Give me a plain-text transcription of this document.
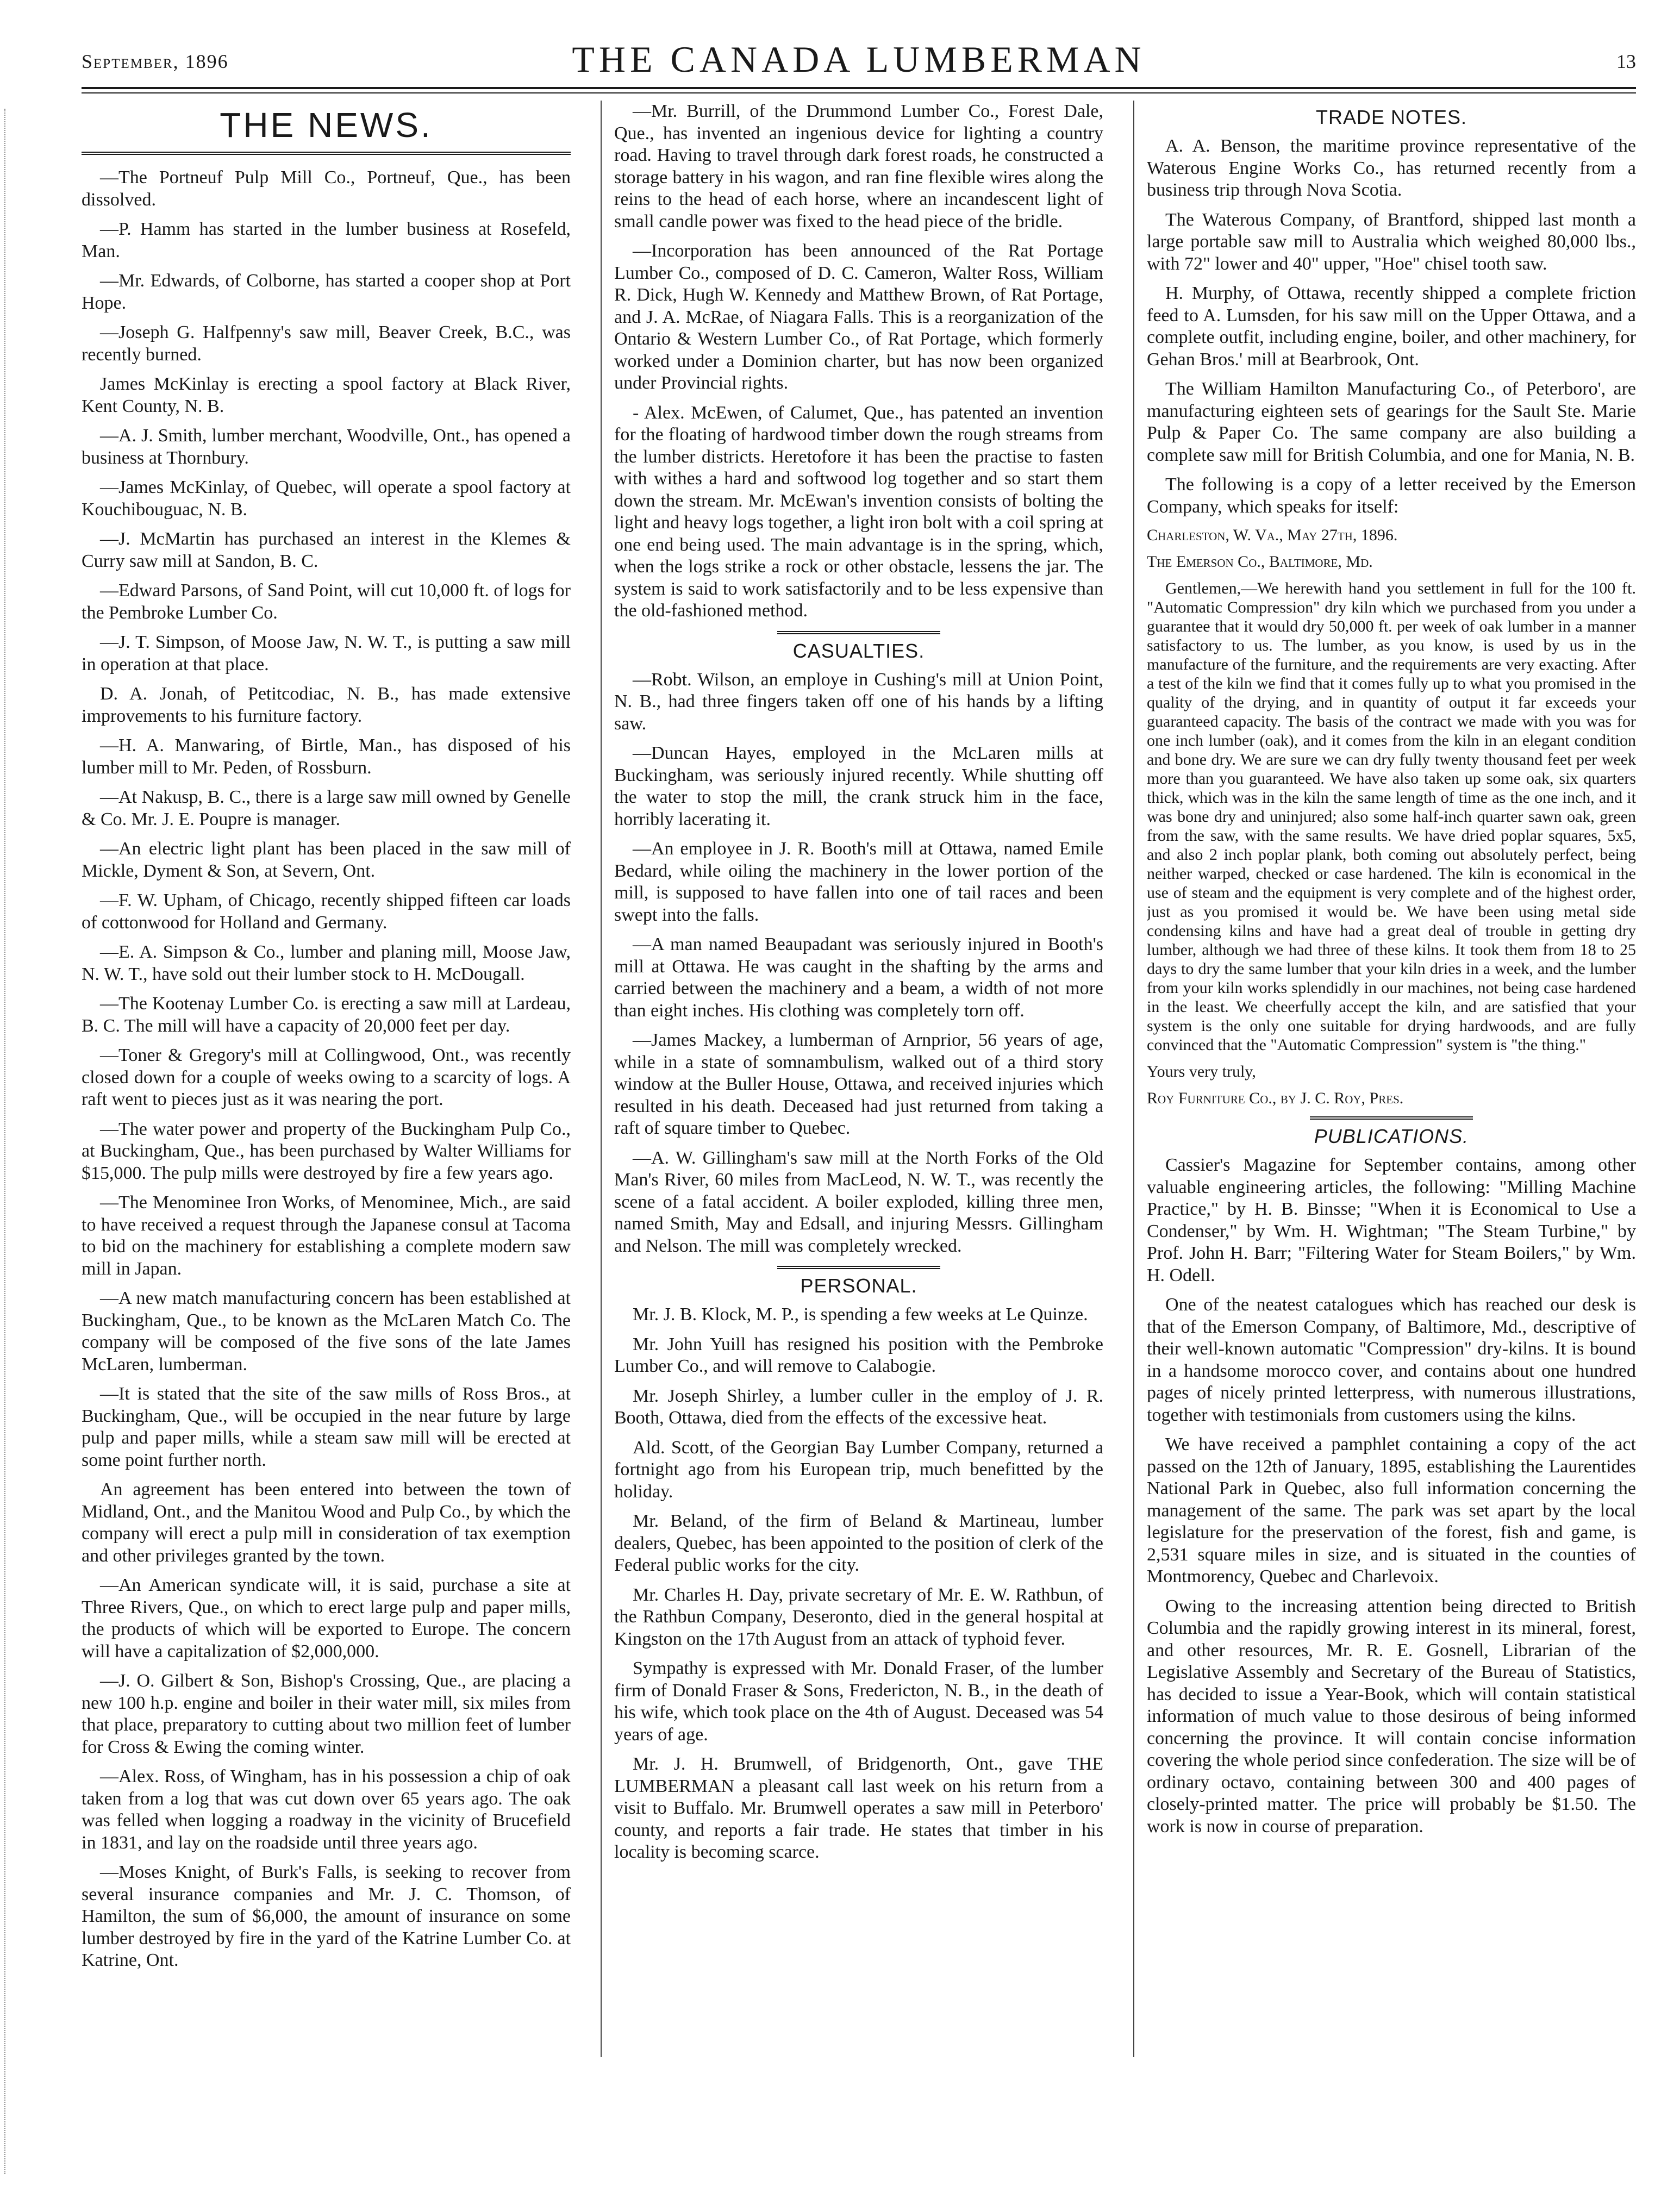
September, 1896	THE CANADA LUMBERMAN	13
THE NEWS.

—The Portneuf Pulp Mill Co., Portneuf, Que., has been dissolved.

—P. Hamm has started in the lumber business at Rosefeld, Man.

—Mr. Edwards, of Colborne, has started a cooper shop at Port Hope.

—Joseph G. Halfpenny's saw mill, Beaver Creek, B.C., was recently burned.

James McKinlay is erecting a spool factory at Black River, Kent County, N. B.

—A. J. Smith, lumber merchant, Woodville, Ont., has opened a business at Thornbury.

—James McKinlay, of Quebec, will operate a spool factory at Kouchibouguac, N. B.

—J. McMartin has purchased an interest in the Klemes & Curry saw mill at Sandon, B. C.

—Edward Parsons, of Sand Point, will cut 10,000 ft. of logs for the Pembroke Lumber Co.

—J. T. Simpson, of Moose Jaw, N. W. T., is putting a saw mill in operation at that place.

D. A. Jonah, of Petitcodiac, N. B., has made extensive improvements to his furniture factory.

—H. A. Manwaring, of Birtle, Man., has disposed of his lumber mill to Mr. Peden, of Rossburn.

—At Nakusp, B. C., there is a large saw mill owned by Genelle & Co. Mr. J. E. Poupre is manager.

—An electric light plant has been placed in the saw mill of Mickle, Dyment & Son, at Severn, Ont.

—F. W. Upham, of Chicago, recently shipped fifteen car loads of cottonwood for Holland and Germany.

—E. A. Simpson & Co., lumber and planing mill, Moose Jaw, N. W. T., have sold out their lumber stock to H. McDougall.

—The Kootenay Lumber Co. is erecting a saw mill at Lardeau, B. C. The mill will have a capacity of 20,000 feet per day.

—Toner & Gregory's mill at Collingwood, Ont., was recently closed down for a couple of weeks owing to a scarcity of logs. A raft went to pieces just as it was nearing the port.

—The water power and property of the Buckingham Pulp Co., at Buckingham, Que., has been purchased by Walter Williams for $15,000. The pulp mills were destroyed by fire a few years ago.

—The Menominee Iron Works, of Menominee, Mich., are said to have received a request through the Japanese consul at Tacoma to bid on the machinery for establishing a complete modern saw mill in Japan.

—A new match manufacturing concern has been established at Buckingham, Que., to be known as the McLaren Match Co. The company will be composed of the five sons of the late James McLaren, lumberman.

—It is stated that the site of the saw mills of Ross Bros., at Buckingham, Que., will be occupied in the near future by large pulp and paper mills, while a steam saw mill will be erected at some point further north.

An agreement has been entered into between the town of Midland, Ont., and the Manitou Wood and Pulp Co., by which the company will erect a pulp mill in consideration of tax exemption and other privileges granted by the town.

—An American syndicate will, it is said, purchase a site at Three Rivers, Que., on which to erect large pulp and paper mills, the products of which will be exported to Europe. The concern will have a capitalization of $2,000,000.

—J. O. Gilbert & Son, Bishop's Crossing, Que., are placing a new 100 h.p. engine and boiler in their water mill, six miles from that place, preparatory to cutting about two million feet of lumber for Cross & Ewing the coming winter.

—Alex. Ross, of Wingham, has in his possession a chip of oak taken from a log that was cut down over 65 years ago. The oak was felled when logging a roadway in the vicinity of Brucefield in 1831, and lay on the roadside until three years ago.

—Moses Knight, of Burk's Falls, is seeking to recover from several insurance companies and Mr. J. C. Thomson, of Hamilton, the sum of $6,000, the amount of insurance on some lumber destroyed by fire in the yard of the Katrine Lumber Co. at Katrine, Ont.

—Mr. Burrill, of the Drummond Lumber Co., Forest Dale, Que., has invented an ingenious device for lighting a country road. Having to travel through dark forest roads, he constructed a storage battery in his wagon, and ran fine flexible wires along the reins to the head of each horse, where an incandescent light of small candle power was fixed to the head piece of the bridle.

—Incorporation has been announced of the Rat Portage Lumber Co., composed of D. C. Cameron, Walter Ross, William R. Dick, Hugh W. Kennedy and Matthew Brown, of Rat Portage, and J. A. McRae, of Niagara Falls. This is a reorganization of the Ontario & Western Lumber Co., of Rat Portage, which formerly worked under a Dominion charter, but has now been organized under Provincial rights.

- Alex. McEwen, of Calumet, Que., has patented an invention for the floating of hardwood timber down the rough streams from the lumber districts. Heretofore it has been the practise to fasten with withes a hard and softwood log together and so start them down the stream. Mr. McEwan's invention consists of bolting the light and heavy logs together, a light iron bolt with a coil spring at one end being used. The main advantage is in the spring, which, when the logs strike a rock or other obstacle, lessens the jar. The system is said to work satisfactorily and to be less expensive than the old-fashioned method.

CASUALTIES.

—Robt. Wilson, an employe in Cushing's mill at Union Point, N. B., had three fingers taken off one of his hands by a lifting saw.

—Duncan Hayes, employed in the McLaren mills at Buckingham, was seriously injured recently. While shutting off the water to stop the mill, the crank struck him in the face, horribly lacerating it.

—An employee in J. R. Booth's mill at Ottawa, named Emile Bedard, while oiling the machinery in the lower portion of the mill, is supposed to have fallen into one of tail races and been swept into the falls.

—A man named Beaupadant was seriously injured in Booth's mill at Ottawa. He was caught in the shafting by the arms and carried between the machinery and a beam, a width of not more than eight inches. His clothing was completely torn off.

—James Mackey, a lumberman of Arnprior, 56 years of age, while in a state of somnambulism, walked out of a third story window at the Buller House, Ottawa, and received injuries which resulted in his death. Deceased had just returned from taking a raft of square timber to Quebec.

—A. W. Gillingham's saw mill at the North Forks of the Old Man's River, 60 miles from MacLeod, N. W. T., was recently the scene of a fatal accident. A boiler exploded, killing three men, named Smith, May and Edsall, and injuring Messrs. Gillingham and Nelson. The mill was completely wrecked.

PERSONAL.

Mr. J. B. Klock, M. P., is spending a few weeks at Le Quinze.

Mr. John Yuill has resigned his position with the Pembroke Lumber Co., and will remove to Calabogie.

Mr. Joseph Shirley, a lumber culler in the employ of J. R. Booth, Ottawa, died from the effects of the excessive heat.

Ald. Scott, of the Georgian Bay Lumber Company, returned a fortnight ago from his European trip, much benefitted by the holiday.

Mr. Beland, of the firm of Beland & Martineau, lumber dealers, Quebec, has been appointed to the position of clerk of the Federal public works for the city.

Mr. Charles H. Day, private secretary of Mr. E. W. Rathbun, of the Rathbun Company, Deseronto, died in the general hospital at Kingston on the 17th August from an attack of typhoid fever.

Sympathy is expressed with Mr. Donald Fraser, of the lumber firm of Donald Fraser & Sons, Fredericton, N. B., in the death of his wife, which took place on the 4th of August. Deceased was 54 years of age.

Mr. J. H. Brumwell, of Bridgenorth, Ont., gave THE LUMBERMAN a pleasant call last week on his return from a visit to Buffalo. Mr. Brumwell operates a saw mill in Peterboro' county, and reports a fair trade. He states that timber in his locality is becoming scarce.

TRADE NOTES.

A. A. Benson, the maritime province representative of the Waterous Engine Works Co., has returned recently from a business trip through Nova Scotia.

The Waterous Company, of Brantford, shipped last month a large portable saw mill to Australia which weighed 80,000 lbs., with 72" lower and 40" upper, "Hoe" chisel tooth saw.

H. Murphy, of Ottawa, recently shipped a complete friction feed to A. Lumsden, for his saw mill on the Upper Ottawa, and a complete outfit, including engine, boiler, and other machinery, for Gehan Bros.' mill at Bearbrook, Ont.

The William Hamilton Manufacturing Co., of Peterboro', are manufacturing eighteen sets of gearings for the Sault Ste. Marie Pulp & Paper Co. The same company are also building a complete saw mill for British Columbia, and one for Mania, N. B.

The following is a copy of a letter received by the Emerson Company, which speaks for itself:

Charleston, W. Va., May 27th, 1896.

The Emerson Co., Baltimore, Md.

Gentlemen,—We herewith hand you settlement in full for the 100 ft. "Automatic Compression" dry kiln which we purchased from you under a guarantee that it would dry 50,000 ft. per week of oak lumber in a manner satisfactory to us. The lumber, as you know, is used by us in the manufacture of the furniture, and the requirements are very exacting. After a test of the kiln we find that it comes fully up to what you promised in the quality of the drying, and in quantity of output it far exceeds your guaranteed capacity. The basis of the contract we made with you was for one inch lumber (oak), and it comes from the kiln in an elegant condition and bone dry. We are sure we can dry fully twenty thousand feet per week more than you guaranteed. We have also taken up some oak, six quarters thick, which was in the kiln the same length of time as the one inch, and it was bone dry and uninjured; also some half-inch quarter sawn oak, green from the saw, with the same results. We have dried poplar squares, 5x5, and also 2 inch poplar plank, both coming out absolutely perfect, being neither warped, checked or case hardened. The kiln is economical in the use of steam and the equipment is very complete and of the highest order, just as you promised it would be. We have been using metal side condensing kilns and have had a great deal of trouble in getting dry lumber, although we had three of these kilns. It took them from 18 to 25 days to dry the same lumber that your kiln dries in a week, and the lumber from your kiln works splendidly in our machines, not being case hardened in the least. We cheerfully accept the kiln, and are satisfied that your system is the only one suitable for drying hardwoods, and are fully convinced that the "Automatic Compression" system is "the thing."

Yours very truly,

Roy Furniture Co., by J. C. Roy, Pres.

PUBLICATIONS.

Cassier's Magazine for September contains, among other valuable engineering articles, the following: "Milling Machine Practice," by H. B. Binsse; "When it is Economical to Use a Condenser," by Wm. H. Wightman; "The Steam Turbine," by Prof. John H. Barr; "Filtering Water for Steam Boilers," by Wm. H. Odell.

One of the neatest catalogues which has reached our desk is that of the Emerson Company, of Baltimore, Md., descriptive of their well-known automatic "Compression" dry-kilns. It is bound in a handsome morocco cover, and contains about one hundred pages of nicely printed letterpress, with numerous illustrations, together with testimonials from customers using the kilns.

We have received a pamphlet containing a copy of the act passed on the 12th of January, 1895, establishing the Laurentides National Park in Quebec, also full information concerning the management of the same. The park was set apart by the local legislature for the preservation of the forest, fish and game, is 2,531 square miles in size, and is situated in the counties of Montmorency, Quebec and Charlevoix.

Owing to the increasing attention being directed to British Columbia and the rapidly growing interest in its mineral, forest, and other resources, Mr. R. E. Gosnell, Librarian of the Legislative Assembly and Secretary of the Bureau of Statistics, has decided to issue a Year-Book, which will contain statistical information of much value to those desirous of being informed concerning the province. It will contain concise information covering the whole period since confederation. The size will be of ordinary octavo, containing between 300 and 400 pages of closely-printed matter. The price will probably be $1.50. The work is now in course of preparation.
